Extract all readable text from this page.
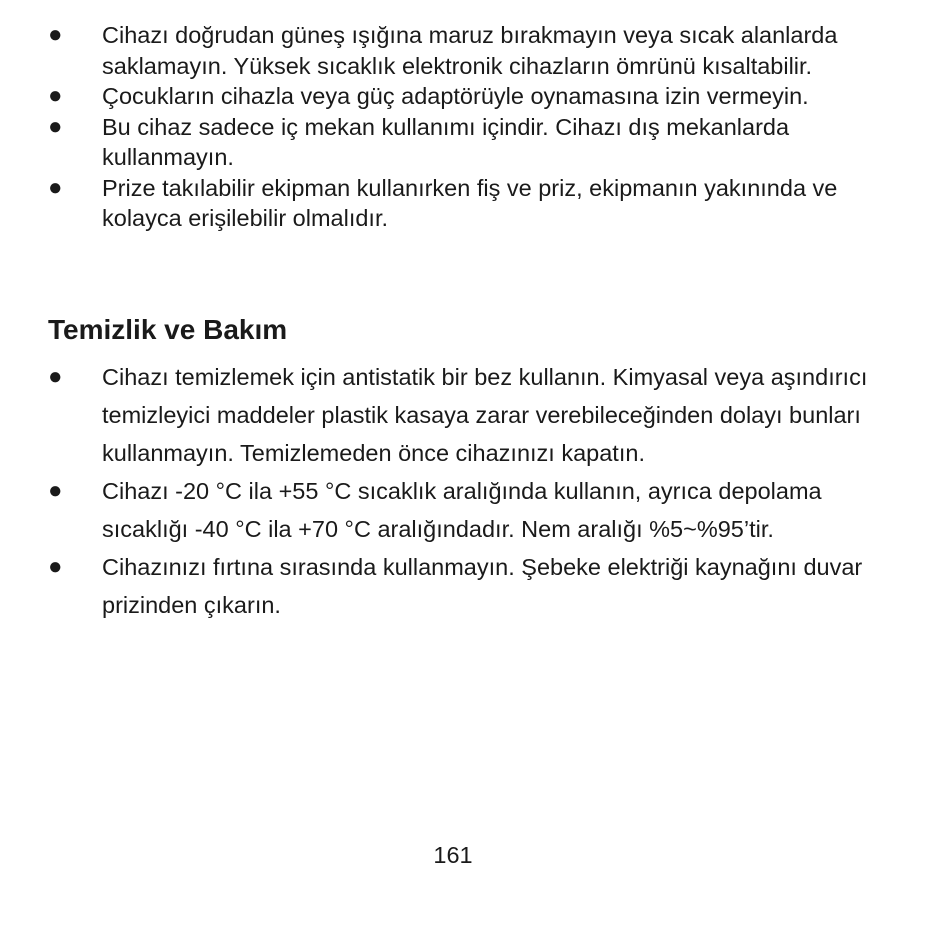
● Cihazı doğrudan güneş ışığına maruz bırakmayın veya sıcak alanlarda saklamayın. Yüksek sıcaklık elektronik cihazların ömrünü kısaltabilir.
● Çocukların cihazla veya güç adaptörüyle oynamasına izin vermeyin.
● Bu cihaz sadece iç mekan kullanımı içindir. Cihazı dış mekanlarda kullanmayın.
● Prize takılabilir ekipman kullanırken fiş ve priz, ekipmanın yakınında ve kolayca erişilebilir olmalıdır.
Temizlik ve Bakım
● Cihazı temizlemek için antistatik bir bez kullanın. Kimyasal veya aşındırıcı temizleyici maddeler plastik kasaya zarar verebileceğinden dolayı bunları kullanmayın. Temizlemeden önce cihazınızı kapatın.
● Cihazı -20 °C ila +55 °C sıcaklık aralığında kullanın, ayrıca depolama sıcaklığı -40 °C ila +70 °C aralığındadır. Nem aralığı %5~%95’tir.
● Cihazınızı fırtına sırasında kullanmayın. Şebeke elektriği kaynağını duvar prizinden çıkarın.
161
